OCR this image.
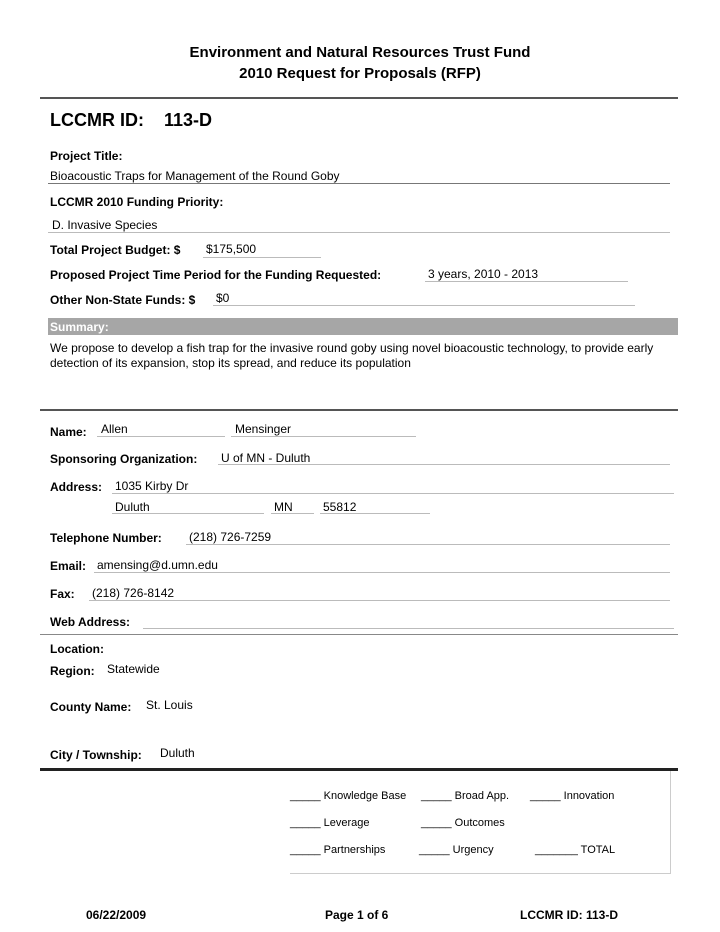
Environment and Natural Resources Trust Fund
2010 Request for Proposals (RFP)
LCCMR ID: 113-D
Project Title:
Bioacoustic Traps for Management of the Round Goby
LCCMR 2010 Funding Priority:
D. Invasive Species
Total Project Budget: $ $175,500
Proposed Project Time Period for the Funding Requested:	3 years, 2010 - 2013
Other Non-State Funds: $ $0
Summary:
We propose to develop a fish trap for the invasive round goby using novel bioacoustic technology, to provide early detection of its expansion, stop its spread, and reduce its population
Name: Allen	Mensinger
Sponsoring Organization: U of MN - Duluth
Address: 1035 Kirby Dr
Duluth	MN	55812
Telephone Number: (218) 726-7259
Email: amensing@d.umn.edu
Fax: (218) 726-8142
Web Address:
Location:
Region: Statewide
County Name: St. Louis
City / Township: Duluth
_____ Knowledge Base _____ Broad App. _____ Innovation
_____ Leverage	_____ Outcomes
_____ Partnerships	_____ Urgency	_______ TOTAL
06/22/2009	Page 1 of 6	LCCMR ID: 113-D
